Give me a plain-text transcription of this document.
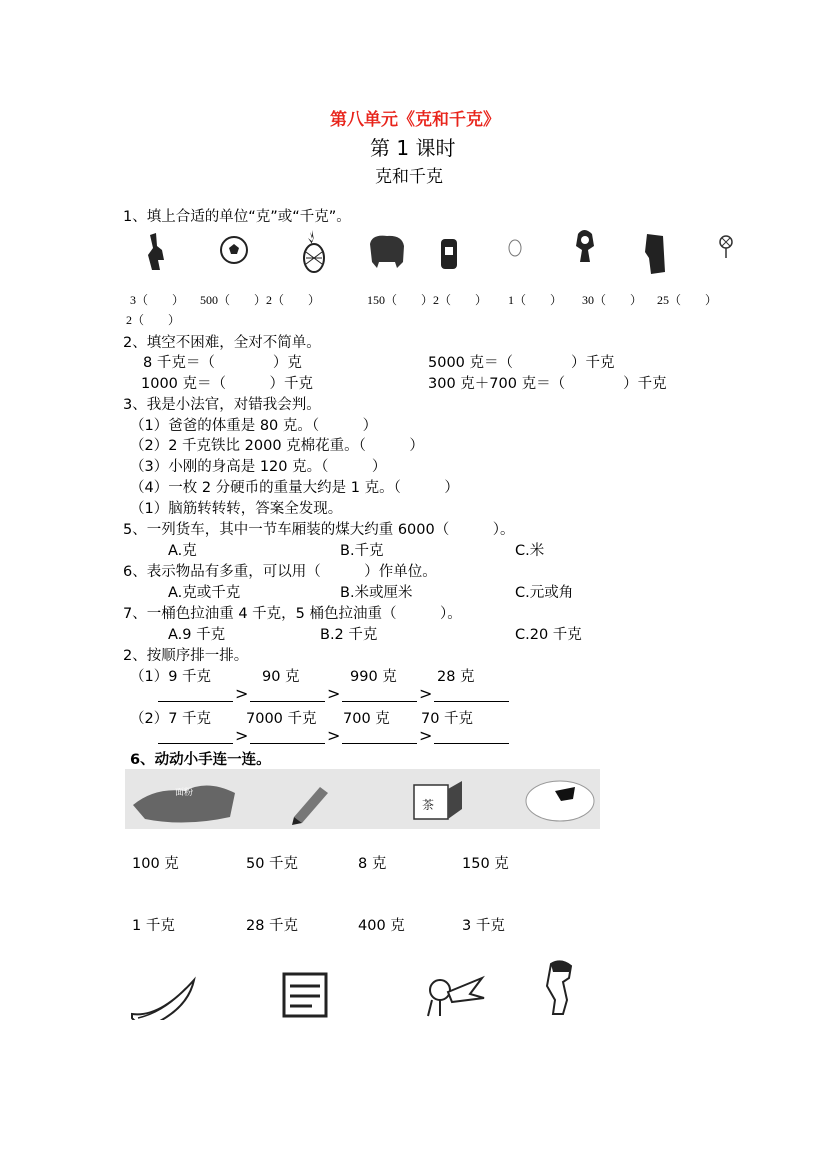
第八单元《克和千克》
第 1 课时
克和千克
1、填上合适的单位“克”或“千克”。
3（　　） 500（　　）2（　　）	150（　　）2（　　） 1（　　） 30（　　） 25（　　）
2（　　）
2、填空不困难，全对不简单。
8 千克＝（　　　　）克	5000 克＝（　　　　）千克
1000 克＝（　　　）千克	300 克＋700 克＝（　　　　）千克
3、我是小法官，对错我会判。
（1）爸爸的体重是 80 克。（　　　）
（2）2 千克铁比 2000 克棉花重。（　　　）
（3）小刚的身高是 120 克。（　　　）
（4）一枚 2 分硬币的重量大约是 1 克。（　　　）
（1）脑筋转转转，答案全发现。
5、一列货车，其中一节车厢装的煤大约重 6000（　　　）。
A.克	B.千克	C.米
6、表示物品有多重，可以用（　　　）作单位。
A.克或千克	B.米或厘米	C.元或角
7、一桶色拉油重 4 千克，5 桶色拉油重（　　　）。
A.9 千克	B.2 千克	C.20 千克
2、按顺序排一排。
（1）9 千克	90 克	990 克	28 克
>	>	>
（2）7 千克 7000 千克 700 克 70 千克
>	>	>
6、动动小手连一连。
面粉
茶
100 克	50 千克	8 克	150 克
1 千克	28 千克	400 克	3 千克
